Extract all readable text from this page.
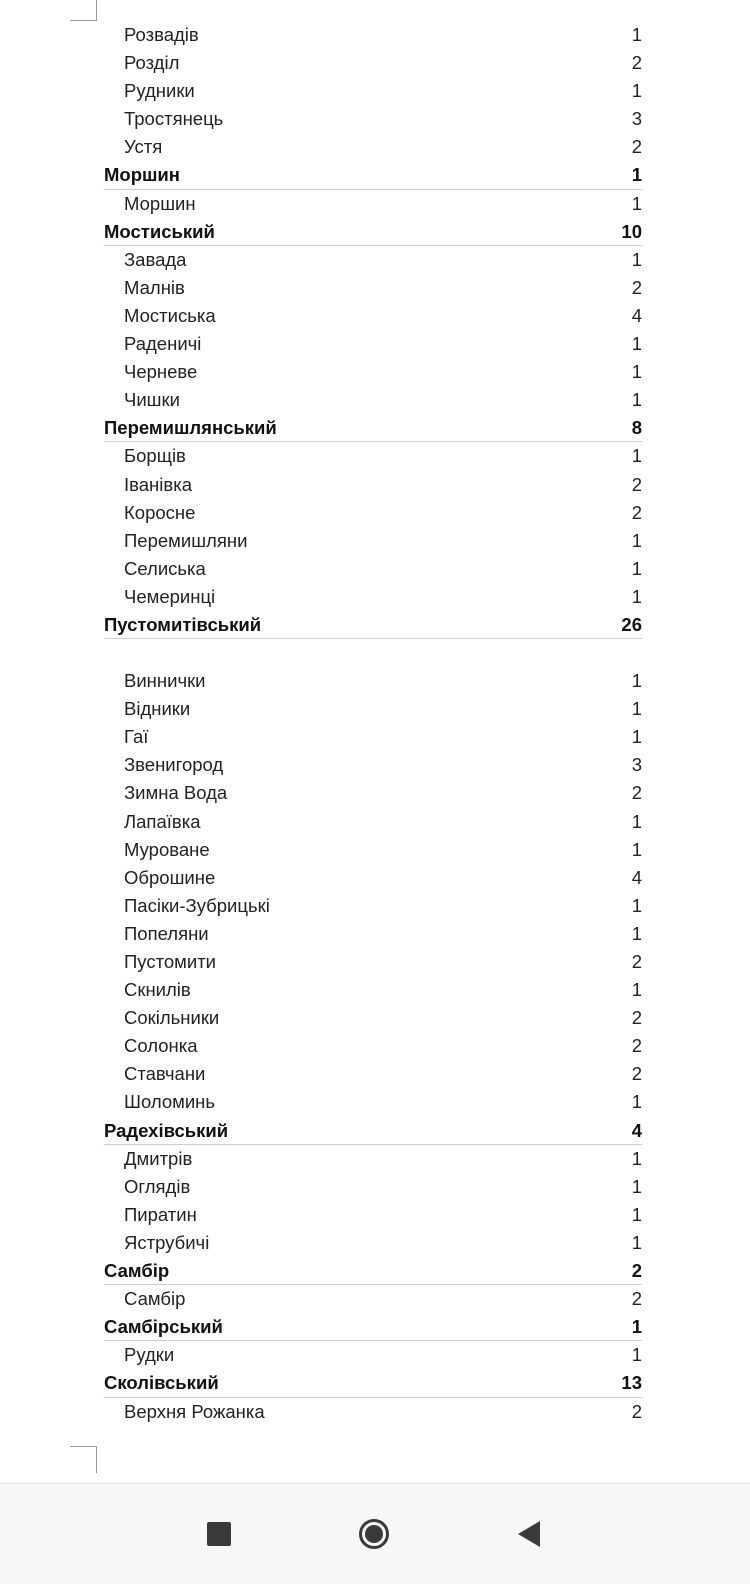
Розвадів	1
Розділ	2
Рудники	1
Тростянець	3
Устя	2
Моршин	1
Моршин	1
Мостиський	10
Завада	1
Малнів	2
Мостиська	4
Раденичі	1
Черневе	1
Чишки	1
Перемишлянський	8
Борщів	1
Іванівка	2
Коросне	2
Перемишляни	1
Селиська	1
Чемеринці	1
Пустомитівський	26
Виннички	1
Відники	1
Гаї	1
Звенигород	3
Зимна Вода	2
Лапаївка	1
Муроване	1
Оброшине	4
Пасіки-Зубрицькі	1
Попеляни	1
Пустомити	2
Скнилів	1
Сокільники	2
Солонка	2
Ставчани	2
Шоломинь	1
Радехівський	4
Дмитрів	1
Оглядів	1
Пиратин	1
Яструбичі	1
Самбір	2
Самбір	2
Самбірський	1
Рудки	1
Сколівський	13
Верхня Рожанка	2
